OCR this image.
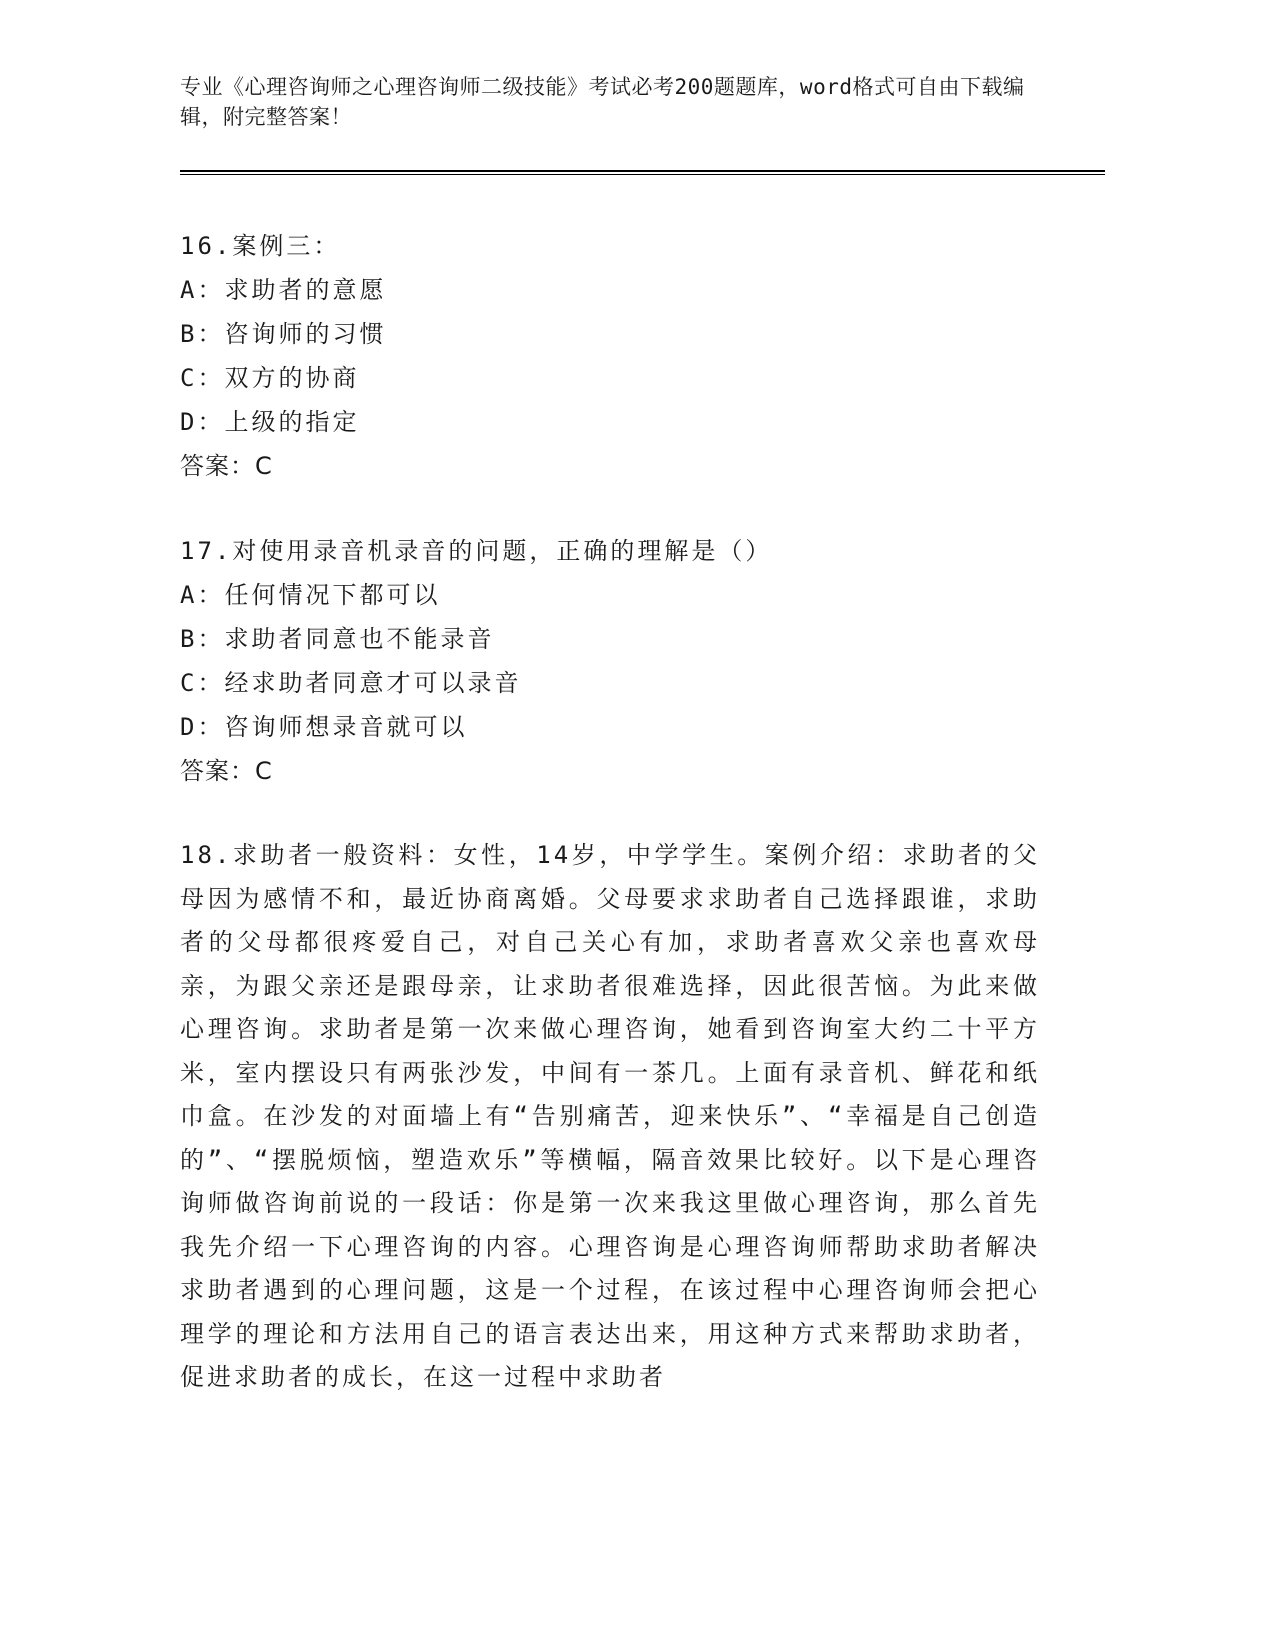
专业《心理咨询师之心理咨询师二级技能》考试必考200题题库，word格式可自由下载编辑，附完整答案！
16.案例三：
A：求助者的意愿
B：咨询师的习惯
C：双方的协商
D：上级的指定
答案：C
17.对使用录音机录音的问题，正确的理解是（）
A：任何情况下都可以
B：求助者同意也不能录音
C：经求助者同意才可以录音
D：咨询师想录音就可以
答案：C
18.求助者一般资料：女性，14岁，中学学生。案例介绍：求助者的父母因为感情不和，最近协商离婚。父母要求求助者自己选择跟谁，求助者的父母都很疼爱自己，对自己关心有加，求助者喜欢父亲也喜欢母亲，为跟父亲还是跟母亲，让求助者很难选择，因此很苦恼。为此来做心理咨询。求助者是第一次来做心理咨询，她看到咨询室大约二十平方米，室内摆设只有两张沙发，中间有一茶几。上面有录音机、鲜花和纸巾盒。在沙发的对面墙上有“告别痛苦，迎来快乐”、“幸福是自己创造的”、“摆脱烦恼，塑造欢乐”等横幅，隔音效果比较好。以下是心理咨询师做咨询前说的一段话：你是第一次来我这里做心理咨询，那么首先我先介绍一下心理咨询的内容。心理咨询是心理咨询师帮助求助者解决求助者遇到的心理问题，这是一个过程，在该过程中心理咨询师会把心理学的理论和方法用自己的语言表达出来，用这种方式来帮助求助者，促进求助者的成长，在这一过程中求助者
